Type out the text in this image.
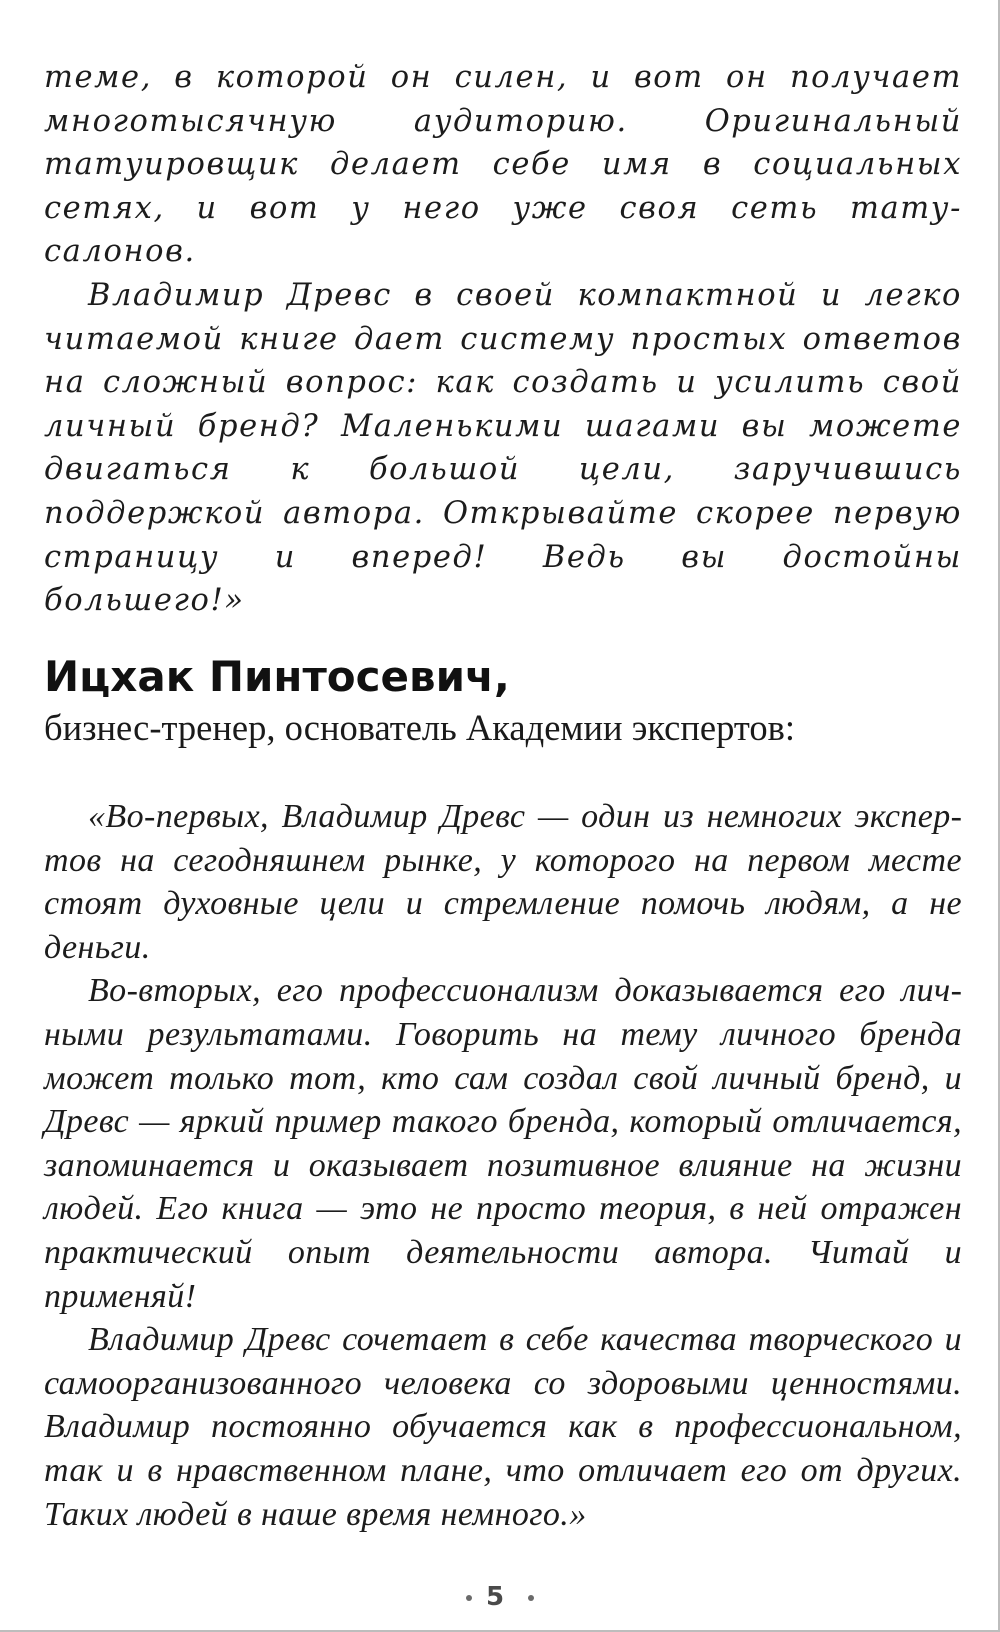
теме, в которой он силен, и вот он получает многотысячную аудиторию. Оригинальный татуировщик делает себе имя в социальных сетях, и вот у него уже своя сеть тату-салонов.

Владимир Древс в своей компактной и легко читаемой книге дает систему простых ответов на сложный вопрос: как создать и усилить свой личный бренд? Маленькими шагами вы можете двигаться к большой цели, заручившись поддержкой автора. Открывайте скорее первую страницу и вперед! Ведь вы достойны большего!»

Ицхак Пинтосевич,
бизнес-тренер, основатель Академии экспертов:

«Во-первых, Владимир Древс — один из немногих экспертов на сегодняшнем рынке, у которого на первом месте стоят духовные цели и стремление помочь людям, а не деньги.

Во-вторых, его профессионализм доказывается его личными результатами. Говорить на тему личного бренда может только тот, кто сам создал свой личный бренд, и Древс — яркий пример такого бренда, который отличается, запоминается и оказывает позитивное влияние на жизни людей. Его книга — это не просто теория, в ней отражен практический опыт деятельности автора. Читай и применяй!

Владимир Древс сочетает в себе качества творческого и самоорганизованного человека со здоровыми ценностями. Владимир постоянно обучается как в профессиональном, так и в нравственном плане, что отличает его от других. Таких людей в наше время немного.»

5
